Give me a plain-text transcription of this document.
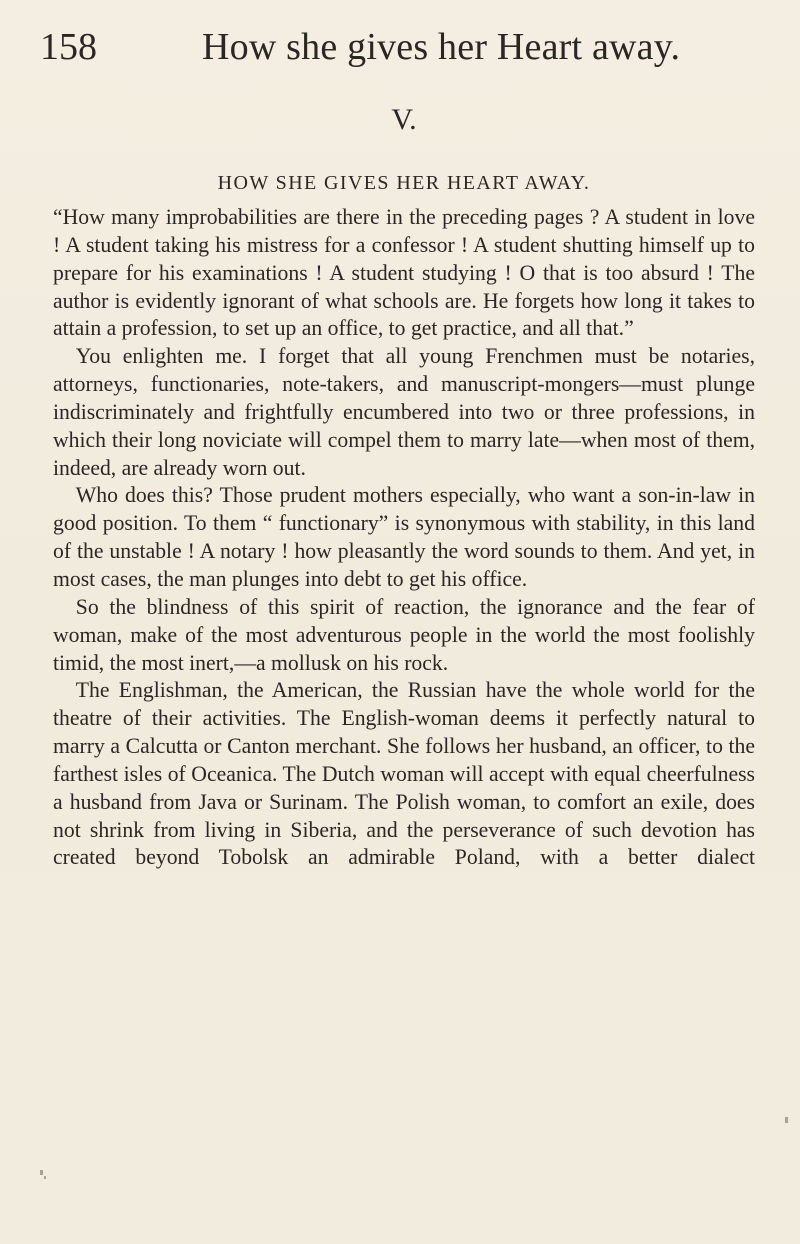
158	How she gives her Heart away.
V.
HOW SHE GIVES HER HEART AWAY.

“How many improbabilities are there in the preceding pages ? A student in love ! A student taking his mistress for a confessor ! A student shutting himself up to prepare for his examinations ! A student studying ! O that is too absurd ! The author is evidently ignorant of what schools are. He forgets how long it takes to attain a profession, to set up an office, to get practice, and all that.”

You enlighten me. I forget that all young Frenchmen must be notaries, attorneys, functionaries, note-takers, and manuscript-mongers—must plunge indiscriminately and frightfully encumbered into two or three professions, in which their long noviciate will compel them to marry late—when most of them, indeed, are already worn out.

Who does this? Those prudent mothers especially, who want a son-in-law in good position. To them “ functionary” is synonymous with stability, in this land of the unstable ! A notary ! how pleasantly the word sounds to them. And yet, in most cases, the man plunges into debt to get his office.

So the blindness of this spirit of reaction, the ignorance and the fear of woman, make of the most adventurous people in the world the most foolishly timid, the most inert,—a mollusk on his rock.

The Englishman, the American, the Russian have the whole world for the theatre of their activities. The English-woman deems it perfectly natural to marry a Calcutta or Canton merchant. She follows her husband, an officer, to the farthest isles of Oceanica. The Dutch woman will accept with equal cheerfulness a husband from Java or Surinam. The Polish woman, to comfort an exile, does not shrink from living in Siberia, and the perseverance of such devotion has created beyond Tobolsk an admirable Poland, with a better dialect
